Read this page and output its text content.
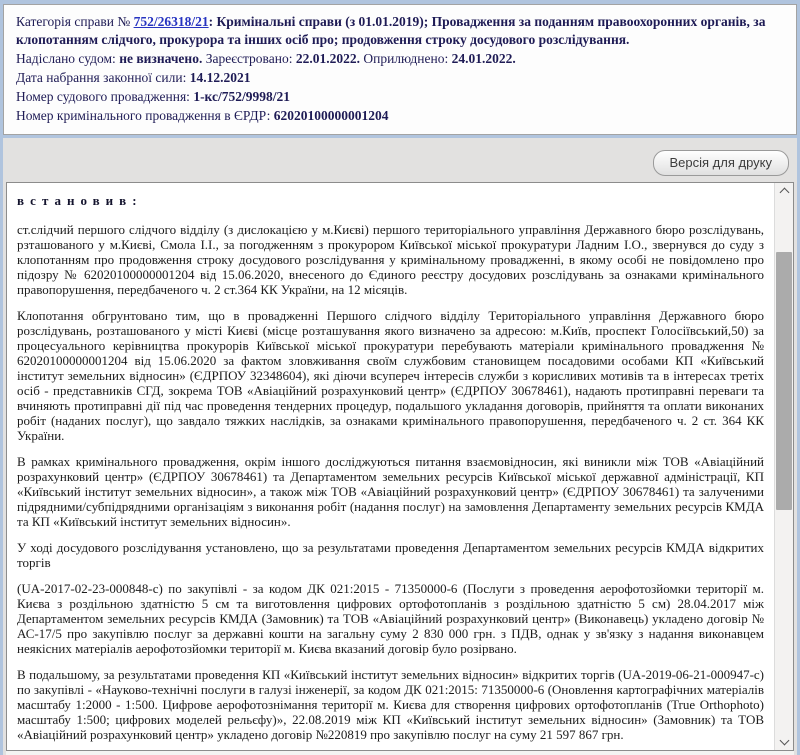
Категорія справи № 752/26318/21: Кримінальні справи (з 01.01.2019); Провадження за поданням правоохоронних органів, за клопотанням слідчого, прокурора та інших осіб про; продовження строку досудового розслідування.

Надіслано судом: не визначено. Зареєстровано: 22.01.2022. Оприлюднено: 24.01.2022.

Дата набрання законної сили: 14.12.2021

Номер судового провадження: 1-кс/752/9998/21

Номер кримінального провадження в ЄРДР: 62020100000001204

Версія для друку

встановив:

ст.слідчий першого слідчого відділу (з дислокацією у м.Києві) першого територіального управління Державного бюро розслідувань, рзташованого у м.Києві, Смола І.І., за погодженням з прокурором Київської міської прокуратури Ладним І.О., звернувся до суду з клопотанням про продовження строку досудового розслідування у кримінальному провадженні, в якому особі не повідомлено про підозру № 62020100000001204 від 15.06.2020, внесеного до Єдиного реєстру досудових розслідувань за ознаками кримінального правопорушення, передбаченого ч. 2 ст.364 КК України, на 12 місяців.

Клопотання обгрунтовано тим, що в провадженні Першого слідчого відділу Територіального управління Державного бюро розслідувань, розташованого у місті Києві (місце розташування якого визначено за адресою: м.Київ, проспект Голосіївський,50) за процесуального керівництва прокурорів Київської міської прокуратури перебувають матеріали кримінального провадження № 62020100000001204 від 15.06.2020 за фактом зловживання своїм службовим становищем посадовими особами КП «Київський інститут земельних відносин» (ЄДРПОУ 32348604), які діючи всупереч інтересів служби з корисливих мотивів та в інтересах третіх осіб - представників СГД, зокрема ТОВ «Авіаційний розрахунковий центр» (ЄДРПОУ 30678461), надають протиправні переваги та вчиняють протиправні дії під час проведення тендерних процедур, подальшого укладання договорів, прийняття та оплати виконаних робіт (наданих послуг), що завдало тяжких наслідків, за ознаками кримінального правопорушення, передбаченого ч. 2 ст. 364 КК України.

В рамках кримінального провадження, окрім іншого досліджуються питання взаємовідносин, які виникли між ТОВ «Авіаційний розрахунковий центр» (ЄДРПОУ 30678461) та Департаментом земельних ресурсів Київської міської державної адміністрації, КП «Київський інститут земельних відносин», а також між ТОВ «Авіаційний розрахунковий центр» (ЄДРПОУ 30678461) та залученими підрядними/субпідрядними організаціям з виконання робіт (надання послуг) на замовлення Департаменту земельних ресурсів КМДА та КП «Київський інститут земельних відносин».

У ході досудового розслідування установлено, що за результатами проведення Департаментом земельних ресурсів КМДА відкритих торгів

(UA-2017-02-23-000848-c) по закупівлі - за кодом ДК 021:2015 - 71350000-6 (Послуги з проведення аерофотозйомки території м. Києва з роздільною здатністю 5 см та виготовлення цифрових ортофотопланів з роздільною здатністю 5 см) 28.04.2017 між Департаментом земельних ресурсів КМДА (Замовник) та ТОВ «Авіаційний розрахунковий центр» (Виконавець) укладено договір № АС-17/5 про закупівлю послуг за державні кошти на загальну суму 2 830 000 грн. з ПДВ, однак у зв'язку з надання виконавцем неякісних матеріалів аерофотозйомки території м. Києва вказаний договір було розірвано.

В подальшому, за результатами проведення КП «Київський інститут земельних відносин» відкритих торгів (UA-2019-06-21-000947-c) по закупівлі - «Науково-технічні послуги в галузі інженерії, за кодом ДК 021:2015: 71350000-6 (Оновлення картографічних матеріалів масштабу 1:2000 - 1:500. Цифрове аерофотознімання території м. Києва для створення цифрових ортофотопланів (True Orthophoto) масштабу 1:500; цифрових моделей рельєфу)», 22.08.2019 між КП «Київський інститут земельних відносин» (Замовник) та ТОВ «Авіаційний розрахунковий центр» укладено договір №220819 про закупівлю послуг на суму 21 597 867 грн.
